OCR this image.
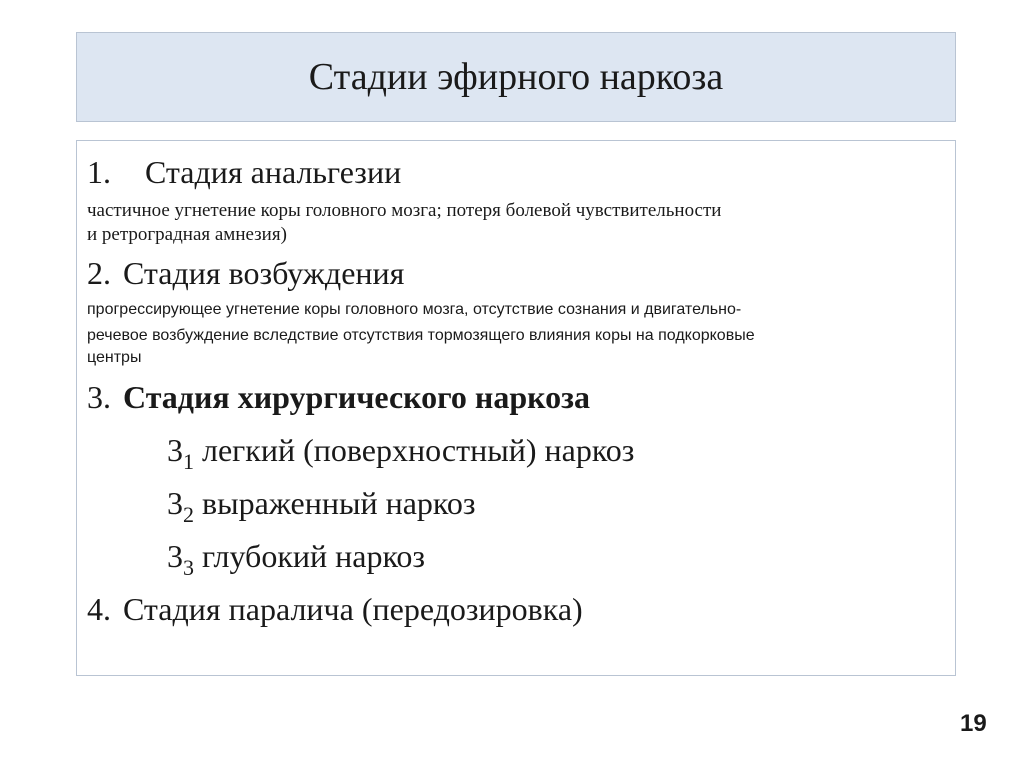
Стадии эфирного наркоза
1. Стадия анальгезии
частичное угнетение коры головного мозга; потеря болевой чувствительности
и ретроградная амнезия)
2. Стадия возбуждения
прогрессирующее угнетение коры головного мозга, отсутствие сознания и двигательно-
речевое возбуждение вследствие отсутствия тормозящего влияния коры на подкорковые
центры
3. Стадия хирургического наркоза
$3_1$ легкий (поверхностный) наркоз
$3_2$ выраженный наркоз
$3_3$ глубокий наркоз
4. Стадия паралича (передозировка)
19
